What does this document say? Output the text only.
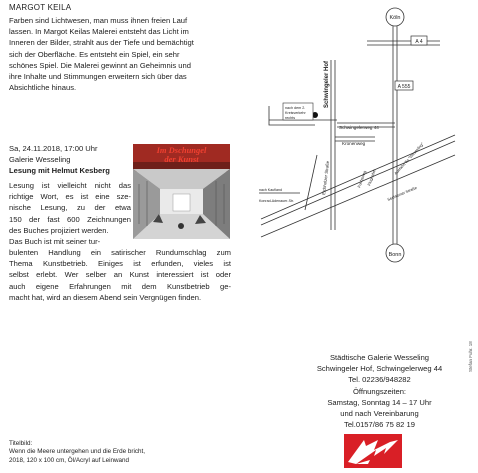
MARGOT KEILA
Farben sind Lichtwesen, man muss ihnen freien Lauf
lassen. In Margot Keilas Malerei entsteht das Licht im
Inneren der Bilder, strahlt aus der Tiefe und bemächtigt
sich der Oberfläche. Es entsteht ein Spiel, ein sehr
schönes Spiel. Die Malerei gewinnt an Geheimnis und
ihre Inhalte und Stimmungen erweitern sich über das
Absichtliche hinaus.
Sa, 24.11.2018, 17:00 Uhr
Galerie Wesseling
Lesung mit Helmut Kesberg
Lesung ist vielleicht nicht das
richtige Wort, es ist eine sze-
nische Lesung, zu der etwa
150 der fast 600 Zeichnungen
des Buches projiziert werden.
Das Buch ist mit seiner tur-
bulenten Handlung ein satirischer Rundumschlag zum
Thema Kunstbetrieb. Einiges ist erfunden, vieles ist
selbst erlebt. Wer selber an Kunst interessiert ist oder
auch eigene Erfahrungen mit dem Kunstbetrieb ge-
macht hat, wird an diesem Abend sein Vergnügen finden.
Im Dschungel
der Kunst
Titelbild:
Wenn die Meere untergehen und die Erde bricht,
2018, 120 x 100 cm, Öl/Acryl auf Leinwand
Köln
Bonn
A 4
A 555
Schwingeler Hof
Schwingelerweg 44
Kronenweg
Eichholzer Straße
nach Kaufland
Konrad-Adenauer-Str.	Sechtemer Straße
Ausfahrt 5a "Wesseling"
Fuchsweg Flughafen
nach dem 2.
Kreisverkehr
rechts
Städtische Galerie Wesseling
Schwingeler Hof, Schwingelerweg 44
Tel. 02236/948282
Öffnungszeiten:
Samstag, Sonntag 14 – 17 Uhr
und nach Vereinbarung
Tel.0157/86 75 82 19
Stefan Fuhr. 18
